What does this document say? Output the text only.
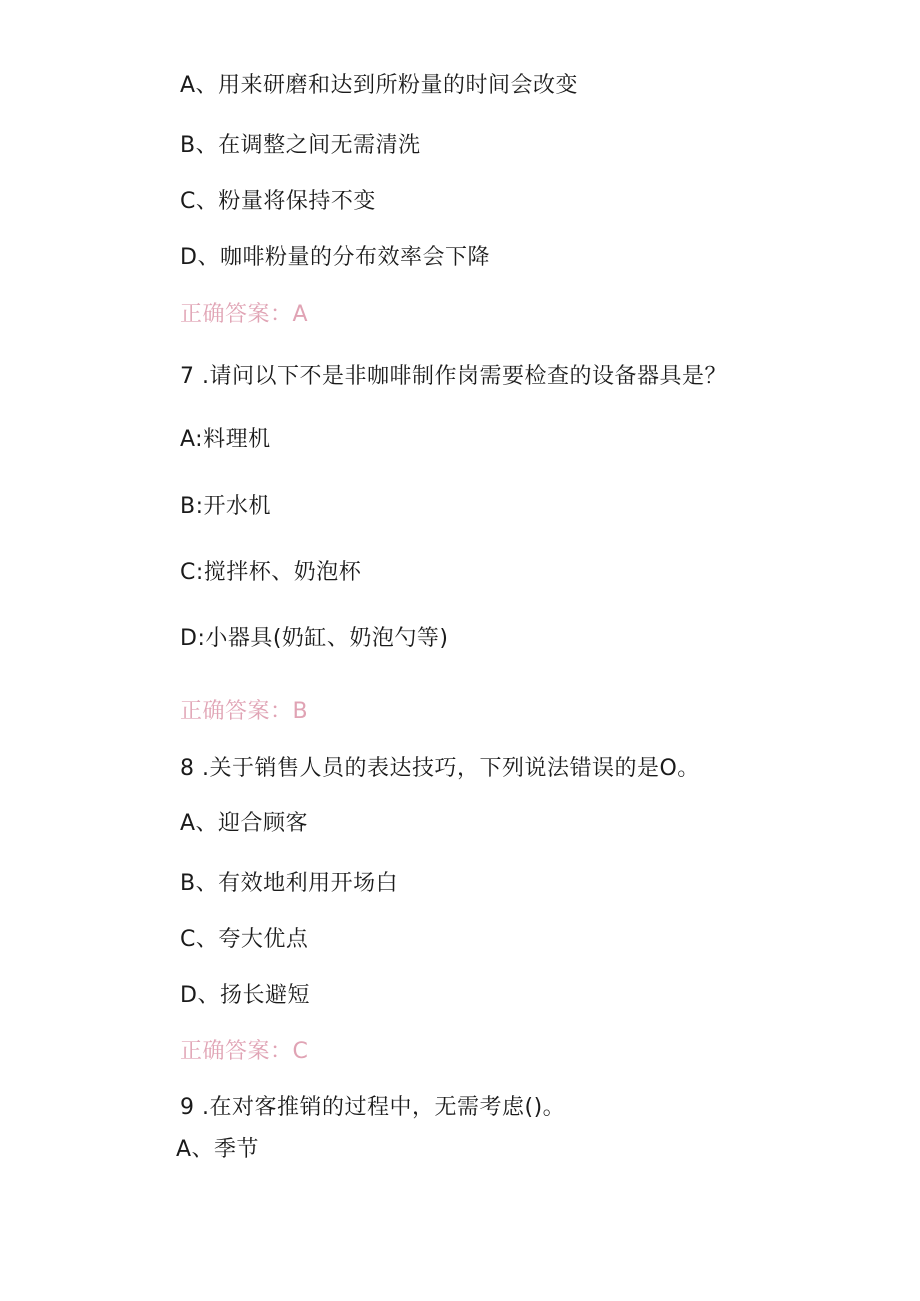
A、用来研磨和达到所粉量的时间会改变
B、在调整之间无需清洗
C、粉量将保持不变
D、咖啡粉量的分布效率会下降
正确答案：A
7 .请问以下不是非咖啡制作岗需要检查的设备器具是？
A:料理机
B:开水机
C:搅拌杯、奶泡杯
D:小器具(奶缸、奶泡勺等)
正确答案：B
8 .关于销售人员的表达技巧，下列说法错误的是O。
A、迎合顾客
B、有效地利用开场白
C、夸大优点
D、扬长避短
正确答案：C
9 .在对客推销的过程中，无需考虑()。
A、季节
